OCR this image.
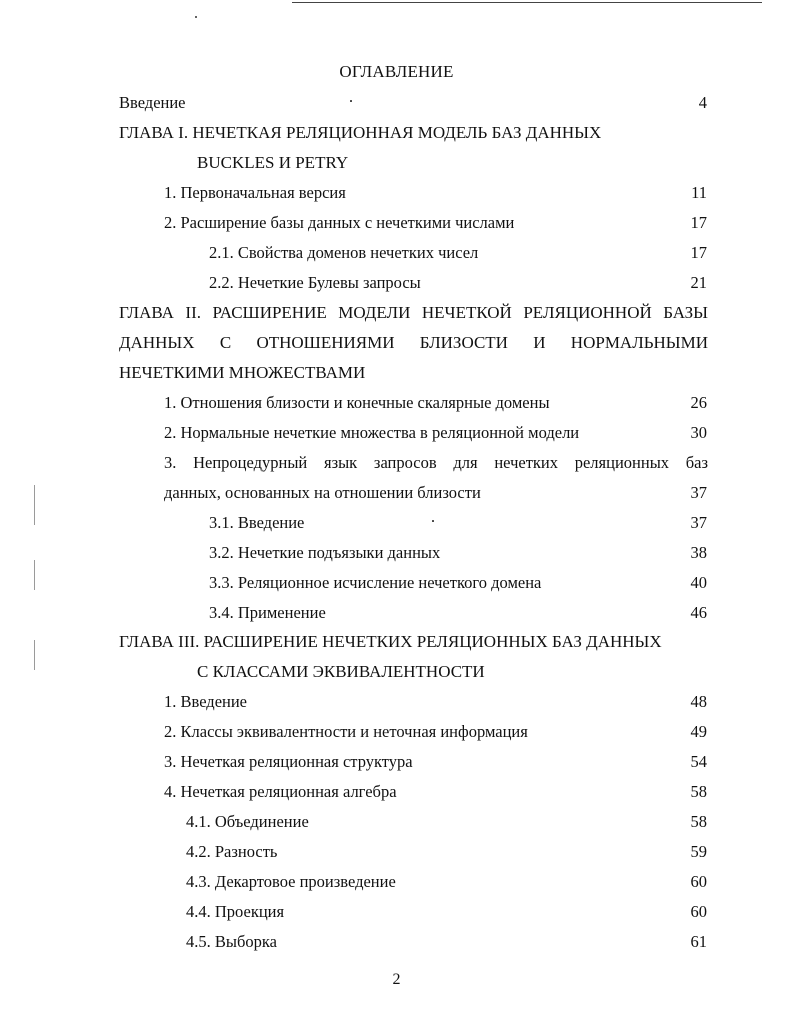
ОГЛАВЛЕНИЕ
Введение	4
ГЛАВА I. НЕЧЕТКАЯ РЕЛЯЦИОННАЯ МОДЕЛЬ БАЗ ДАННЫХ
BUCKLES И PETRY
1. Первоначальная версия	11
2. Расширение базы данных с нечеткими числами	17
2.1. Свойства доменов нечетких чисел	17
2.2. Нечеткие Булевы запросы	21
ГЛАВА II. РАСШИРЕНИЕ МОДЕЛИ НЕЧЕТКОЙ РЕЛЯЦИОННОЙ БАЗЫ
ДАННЫХ С ОТНОШЕНИЯМИ БЛИЗОСТИ И НОРМАЛЬНЫМИ
НЕЧЕТКИМИ МНОЖЕСТВАМИ
1. Отношения близости и конечные скалярные домены	26
2. Нормальные нечеткие множества в реляционной модели	30
3. Непроцедурный язык запросов для нечетких реляционных баз
данных, основанных на отношении близости	37
3.1. Введение	37
3.2. Нечеткие подъязыки данных	38
3.3. Реляционное исчисление нечеткого домена	40
3.4. Применение	46
ГЛАВА III. РАСШИРЕНИЕ НЕЧЕТКИХ РЕЛЯЦИОННЫХ БАЗ ДАННЫХ
С КЛАССАМИ ЭКВИВАЛЕНТНОСТИ
1. Введение	48
2. Классы эквивалентности и неточная информация	49
3. Нечеткая реляционная структура	54
4. Нечеткая реляционная алгебра	58
4.1. Объединение	58
4.2. Разность	59
4.3. Декартовое произведение	60
4.4. Проекция	60
4.5. Выборка	61
2
